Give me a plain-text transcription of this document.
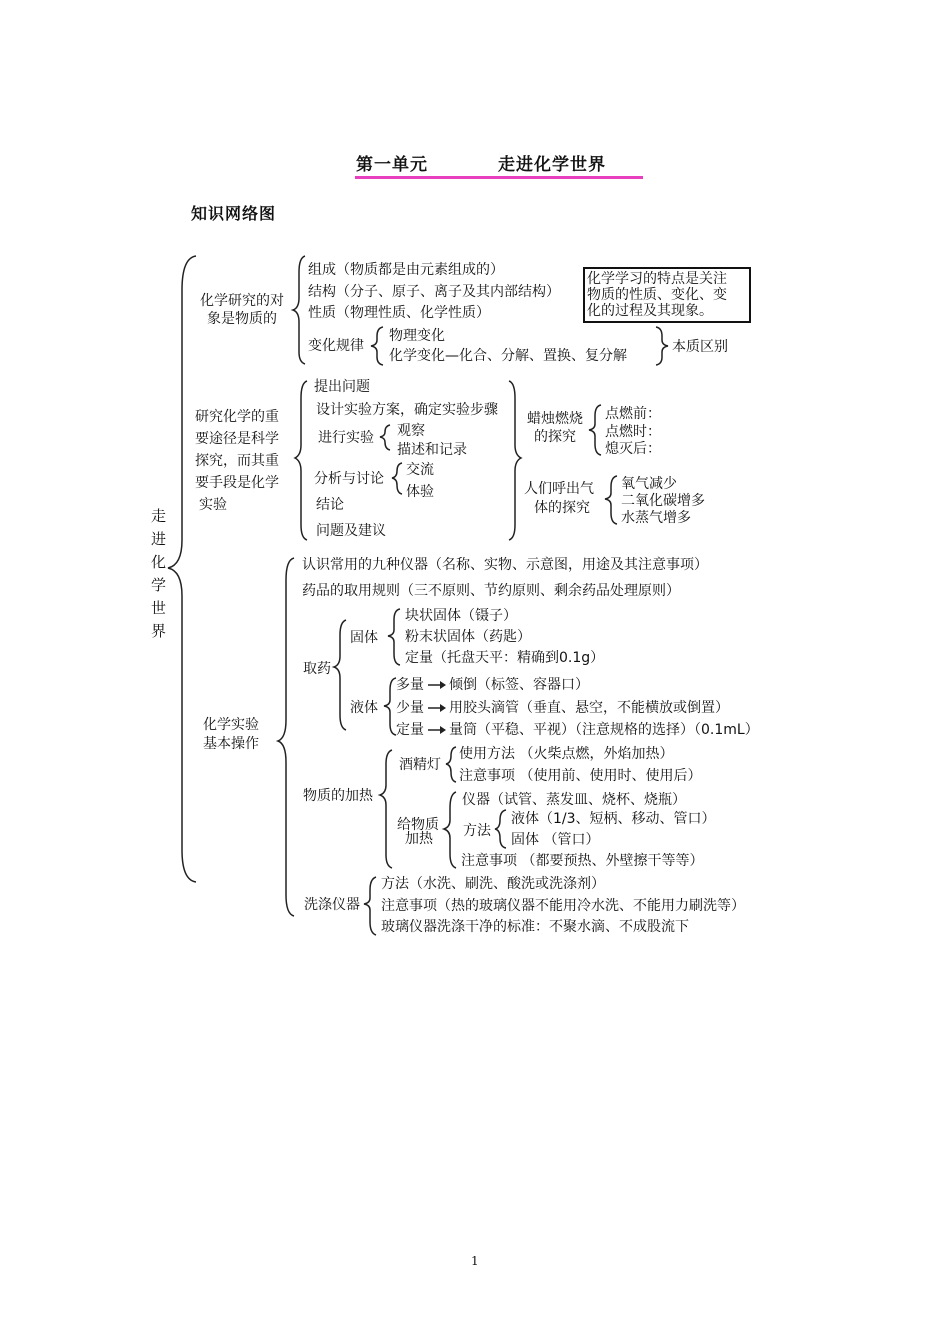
第一单元	走进化学世界
知识网络图
走
进
化
学
世
界
化学研究的对
象是物质的
组成（物质都是由元素组成的）
结构（分子、原子、离子及其内部结构）
性质（物理性质、化学性质）
变化规律
物理变化
化学变化—化合、分解、置换、复分解
本质区别
化学学习的特点是关注
物质的性质、变化、变
化的过程及其现象。
研究化学的重
要途径是科学
探究，而其重
要手段是化学
实验
提出问题
设计实验方案，确定实验步骤
进行实验
分析与讨论
结论
问题及建议
观察
描述和记录
交流
体验
蜡烛燃烧
的探究
点燃前：
点燃时：
熄灭后：
人们呼出气
体的探究
氧气减少
二氧化碳增多
水蒸气增多
化学实验
基本操作
认识常用的九种仪器（名称、实物、示意图，用途及其注意事项）
药品的取用规则（三不原则、节约原则、剩余药品处理原则）
取药
固体
块状固体（镊子）
粉末状固体（药匙）
定量（托盘天平：精确到0.1g）
液体
多量 倾倒（标签、容器口）
少量 用胶头滴管（垂直、悬空，不能横放或倒置）
定量 量筒（平稳、平视）（注意规格的选择）（0.1mL）
物质的加热
酒精灯
使用方法 （火柴点燃，外焰加热）
注意事项 （使用前、使用时、使用后）
给物质
加热
仪器（试管、蒸发皿、烧杯、烧瓶）
方法
液体（1/3、短柄、移动、管口）
固体 （管口）
注意事项 （都要预热、外壁擦干等等）
洗涤仪器
方法（水洗、刷洗、酸洗或洗涤剂）
注意事项（热的玻璃仪器不能用冷水洗、不能用力刷洗等）
玻璃仪器洗涤干净的标准：不聚水滴、不成股流下
1
